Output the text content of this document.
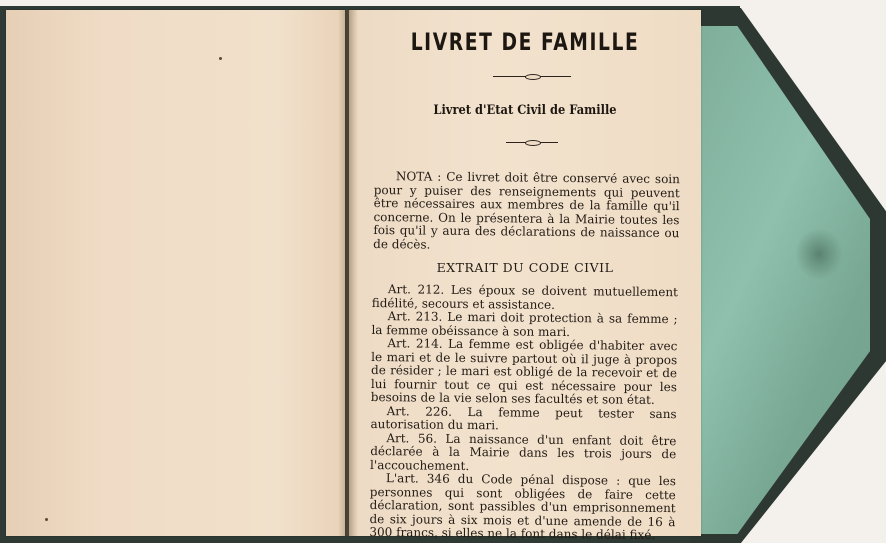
LIVRET DE FAMILLE
Livret d'Etat Civil de Famille
NOTA : Ce livret doit être conservé avec soin pour y puiser des renseignements qui peuvent être nécessaires aux membres de la famille qu'il concerne. On le présentera à la Mairie toutes les fois qu'il y aura des déclarations de naissance ou de décès.
EXTRAIT DU CODE CIVIL

Art. 212. Les époux se doivent mutuellement fidélité, secours et assistance.

Art. 213. Le mari doit protection à sa femme ; la femme obéissance à son mari.

Art. 214. La femme est obligée d'habiter avec le mari et de le suivre partout où il juge à propos de résider ; le mari est obligé de la recevoir et de lui fournir tout ce qui est nécessaire pour les besoins de la vie selon ses facultés et son état.

Art. 226. La femme peut tester sans autorisation du mari.

Art. 56. La naissance d'un enfant doit être déclarée à la Mairie dans les trois jours de l'accouchement.

L'art. 346 du Code pénal dispose : que les personnes qui sont obligées de faire cette déclaration, sont passibles d'un emprisonnement de six jours à six mois et d'une amende de 16 à 300 francs, si elles ne la font dans le délai fixé.
